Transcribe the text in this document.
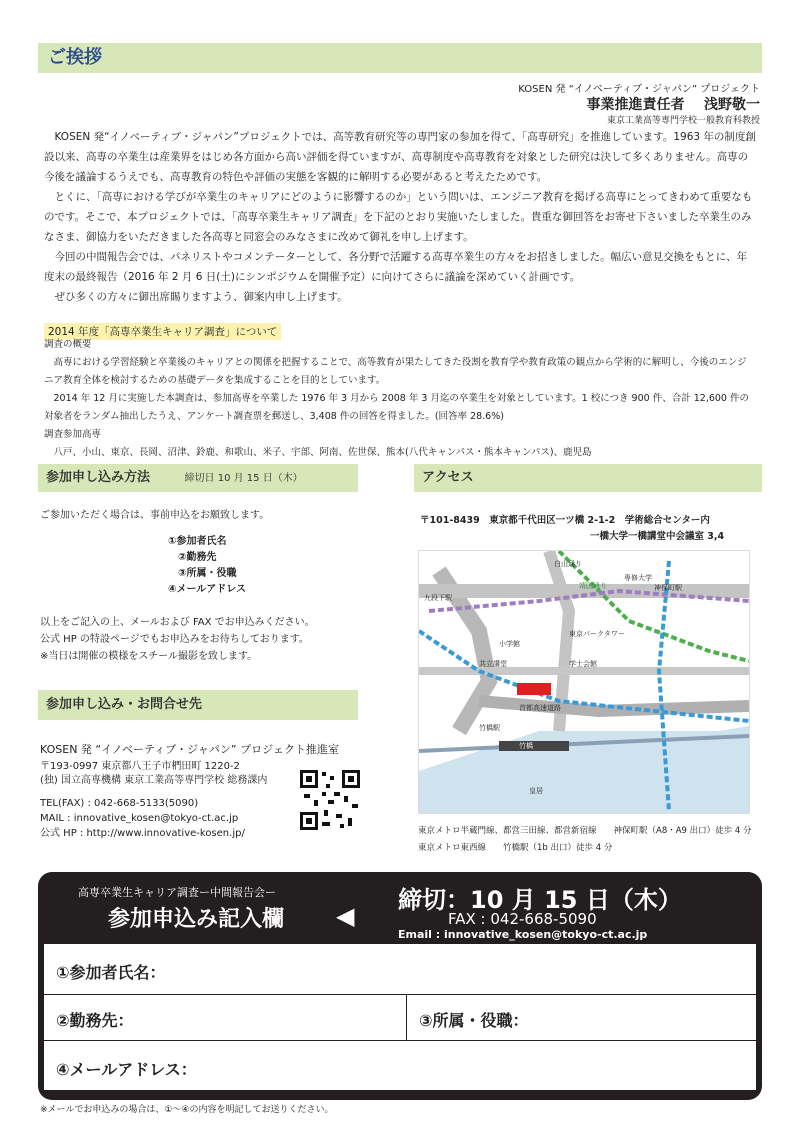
ご挨拶
KOSEN 発 “イノベーティブ・ジャパン” プロジェクト
事業推進責任者 浅野敬一
東京工業高等専門学校一般教育科教授

KOSEN 発“イノベーティブ・ジャパン”プロジェクトでは、高等教育研究等の専門家の参加を得て、「高専研究」を推進しています。1963 年の制度創設以来、高専の卒業生は産業界をはじめ各方面から高い評価を得ていますが、高専制度や高専教育を対象とした研究は決して多くありません。高専の今後を議論するうえでも、高専教育の特色や評価の実態を客観的に解明する必要があると考えたためです。

とくに、「高専における学びが卒業生のキャリアにどのように影響するのか」という問いは、エンジニア教育を掲げる高専にとってきわめて重要なものです。そこで、本プロジェクトでは、「高専卒業生キャリア調査」を下記のとおり実施いたしました。貴重な御回答をお寄せ下さいました卒業生のみなさま、御協力をいただきました各高専と同窓会のみなさまに改めて御礼を申し上げます。

今回の中間報告会では、パネリストやコメンテーターとして、各分野で活躍する高専卒業生の方々をお招きしました。幅広い意見交換をもとに、年度末の最終報告（2016 年 2 月 6 日(土)にシンポジウムを開催予定）に向けてさらに議論を深めていく計画です。

ぜひ多くの方々に御出席賜りますよう、御案内申し上げます。

2014 年度「高専卒業生キャリア調査」について

調査の概要

高専における学習経験と卒業後のキャリアとの関係を把握することで、高等教育が果たしてきた役割を教育学や教育政策の観点から学術的に解明し、今後のエンジニア教育全体を検討するための基礎データを集成することを目的としています。

2014 年 12 月に実施した本調査は、参加高専を卒業した 1976 年 3 月から 2008 年 3 月迄の卒業生を対象としています。1 校につき 900 件、合計 12,600 件の対象者をランダム抽出したうえ、アンケート調査票を郵送し、3,408 件の回答を得ました。(回答率 28.6%)

調査参加高専

八戸、小山、東京、長岡、沼津、鈴鹿、和歌山、米子、宇部、阿南、佐世保、熊本(八代キャンパス・熊本キャンパス)、鹿児島

参加申し込み方法	締切日 10 月 15 日（木）
ご参加いただく場合は、事前申込をお願致します。
①参加者氏名
②勤務先
③所属・役職
④メールアドレス
以上をご記入の上、メールおよび FAX でお申込みください。
公式 HP の特設ページでもお申込みをお待ちしております。
※当日は開催の模様をスチール撮影を致します。
参加申し込み・お問合せ先
KOSEN 発 “イノベーティブ・ジャパン” プロジェクト推進室
〒193-0997 東京都八王子市椚田町 1220-2
(独) 国立高専機構 東京工業高等専門学校 総務課内
TEL(FAX) : 042-668-5133(5090)
MAIL : innovative_kosen@tokyo-ct.ac.jp
公式 HP : http://www.innovative-kosen.jp/
アクセス
〒101-8439　東京都千代田区一ツ橋 2-1-2　学術総合センター内
一橋大学一橋講堂中会議室 3,4
白山通り
靖国通り
九段下駅
専修大学
神保町駅
小学館
共立講堂	学士会館
東京パークタワー
首都高速道路
竹橋駅
竹橋
皇居
東京メトロ半蔵門線、都営三田線、都営新宿線　　神保町駅（A8・A9 出口）徒歩 4 分
東京メトロ東西線　　竹橋駅（1b 出口）徒歩 4 分
高専卒業生キャリア調査ー中間報告会ー
参加申込み記入欄 ◀
締切：10 月 15 日（木）
FAX : 042-668-5090
Email : innovative_kosen@tokyo-ct.ac.jp
①参加者氏名：
②勤務先：	③所属・役職：
④メールアドレス：
※メールでお申込みの場合は、①〜④の内容を明記してお送りください。
